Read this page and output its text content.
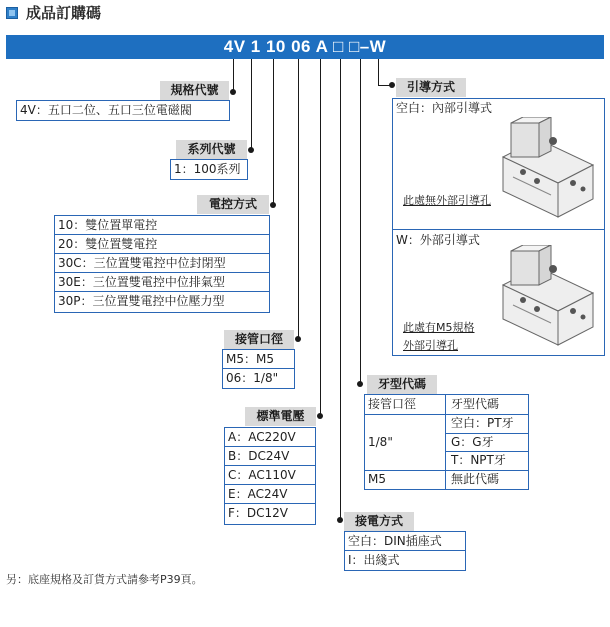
成品訂購碼
4V 1 10 06 A □ □–W
規格代號
4V：五口二位、五口三位電磁閥
系列代號
1：100系列
電控方式
10：雙位置單電控
20：雙位置雙電控
30C：三位置雙電控中位封閉型
30E：三位置雙電控中位排氣型
30P：三位置雙電控中位壓力型
接管口徑
M5：M5
06：1/8"
標準電壓
A：AC220V
B：DC24V
C：AC110V
E：AC24V
F：DC12V
接電方式
空白：DIN插座式
I：出綫式
牙型代碼
接管口徑	牙型代碼
1/8"
空白：PT牙
G：G牙
T：NPT牙
M5	無此代碼
引導方式
空白：內部引導式
W：外部引導式
此處無外部引導孔
此處有M5規格
外部引導孔
另：底座規格及訂貨方式請參考P39頁。
